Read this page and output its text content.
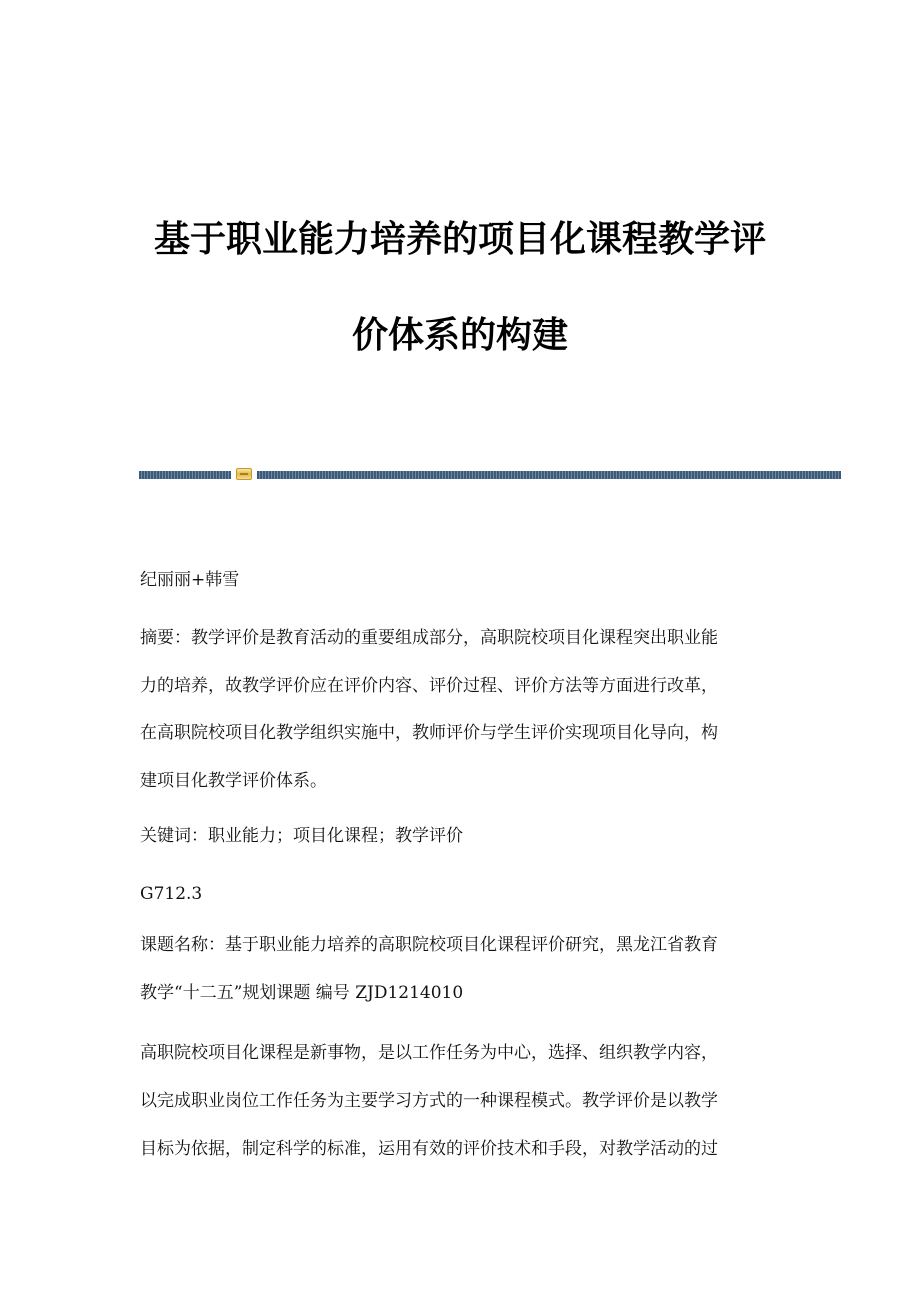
基于职业能力培养的项目化课程教学评
价体系的构建

纪丽丽+韩雪

摘要：教学评价是教育活动的重要组成部分，高职院校项目化课程突出职业能
力的培养，故教学评价应在评价内容、评价过程、评价方法等方面进行改革，
在高职院校项目化教学组织实施中，教师评价与学生评价实现项目化导向，构
建项目化教学评价体系。

关键词：职业能力；项目化课程；教学评价

G712.3

课题名称：基于职业能力培养的高职院校项目化课程评价研究，黑龙江省教育
教学“十二五”规划课题 编号 ZJD1214010

高职院校项目化课程是新事物，是以工作任务为中心，选择、组织教学内容，
以完成职业岗位工作任务为主要学习方式的一种课程模式。教学评价是以教学
目标为依据，制定科学的标准，运用有效的评价技术和手段，对教学活动的过
